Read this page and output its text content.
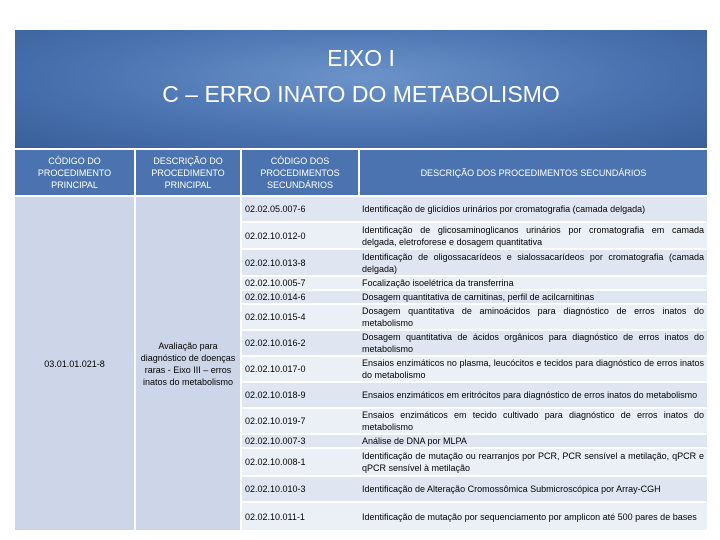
EIXO I
C – ERRO INATO DO METABOLISMO
CÓDIGO DO PROCEDIMENTO PRINCIPAL	DESCRIÇÃO DO PROCEDIMENTO PRINCIPAL	CÓDIGO DOS PROCEDIMENTOS SECUNDÁRIOS	DESCRIÇÃO DOS PROCEDIMENTOS SECUNDÁRIOS
03.01.01.021-8	Avaliação para diagnóstico de doenças raras - Eixo III – erros inatos do metabolismo	02.02.05.007-6	Identificação de glicídios urinários por cromatografia (camada delgada)
		02.02.10.012-0	Identificação de glicosaminoglicanos urinários por cromatografia em camada delgada, eletroforese e dosagem quantitativa
		02.02.10.013-8	Identificação de oligossacarídeos e sialossacarídeos por cromatografia (camada delgada)
		02.02.10.005-7	Focalização isoelétrica da transferrina
		02.02.10.014-6	Dosagem quantitativa de carnitinas, perfil de acilcarnitinas
		02.02.10.015-4	Dosagem quantitativa de aminoácidos para diagnóstico de erros inatos do metabolismo
		02.02.10.016-2	Dosagem quantitativa de ácidos orgânicos para diagnóstico de erros inatos do metabolismo
		02.02.10.017-0	Ensaios enzimáticos no plasma, leucócitos e tecidos para diagnóstico de erros inatos do metabolismo
		02.02.10.018-9	Ensaios enzimáticos em eritrócitos para diagnóstico de erros inatos do metabolismo
		02.02.10.019-7	Ensaios enzimáticos em tecido cultivado para diagnóstico de erros inatos do metabolismo
		02.02.10.007-3	Análise de DNA por MLPA
		02.02.10.008-1	Identificação de mutação ou rearranjos por PCR, PCR sensível a metilação, qPCR e qPCR sensível à metilação
		02.02.10.010-3	Identificação de Alteração Cromossômica Submicroscópica por Array-CGH
		02.02.10.011-1	Identificação de mutação por sequenciamento por amplicon até 500 pares de bases
